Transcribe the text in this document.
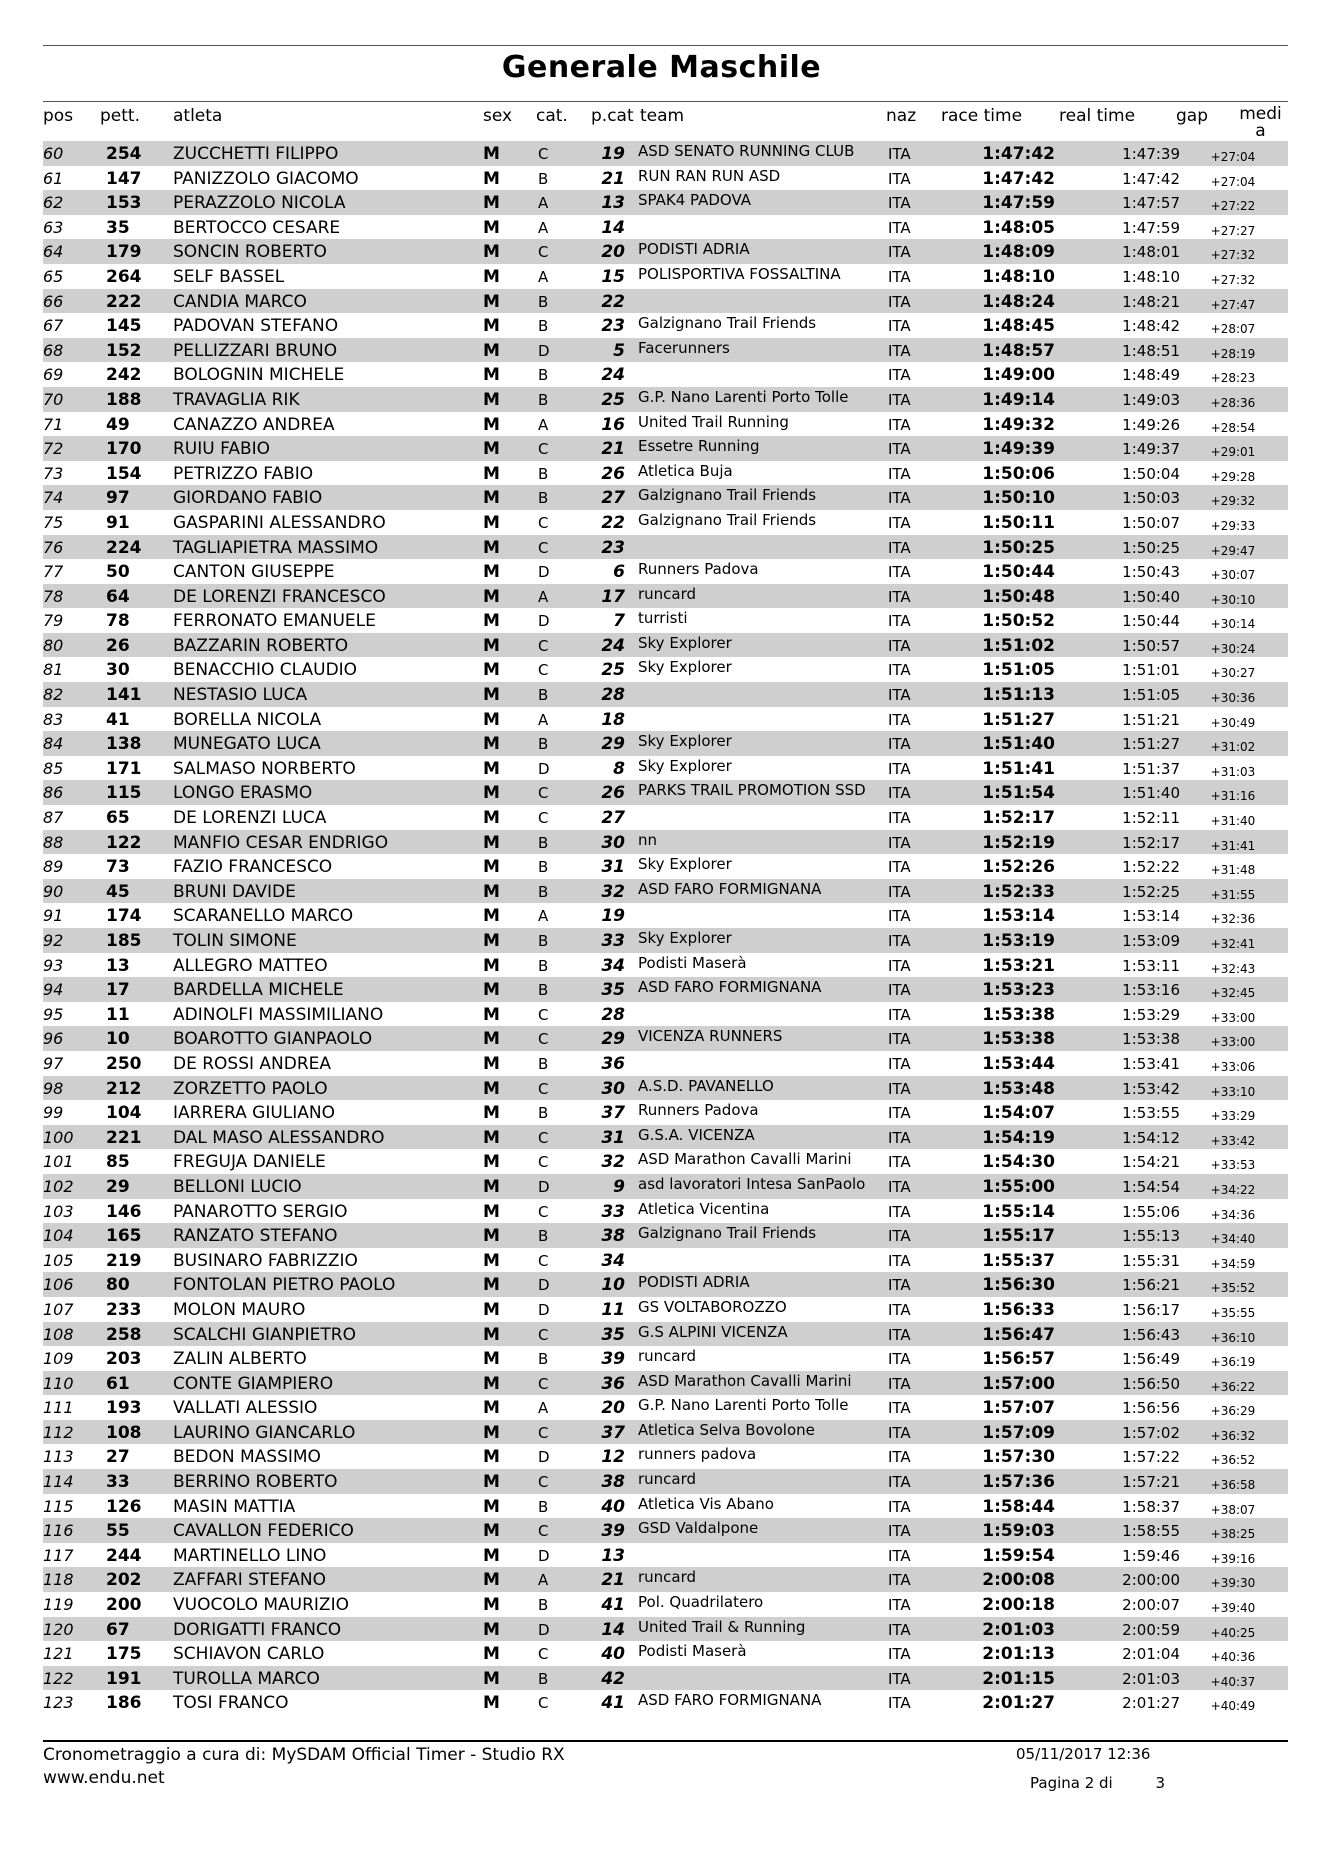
Generale Maschile
pos pett. atleta	sex cat. p.cat team	naz race time real time gap medi a
60	254 ZUCCHETTI FILIPPO	M	C	19 ASD SENATO RUNNING CLUB ITA	1:47:42	1:47:39	+27:04
61	147 PANIZZOLO GIACOMO	M	B	21 RUN RAN RUN ASD	ITA	1:47:42	1:47:42	+27:04
62	153 PERAZZOLO NICOLA	M	A	13 SPAK4 PADOVA	ITA	1:47:59	1:47:57	+27:22
63	35	BERTOCCO CESARE	M	A	14	ITA	1:48:05	1:47:59	+27:27
64	179 SONCIN ROBERTO	M	C	20 PODISTI ADRIA	ITA	1:48:09	1:48:01	+27:32
65	264 SELF BASSEL	M	A	15 POLISPORTIVA FOSSALTINA	ITA	1:48:10	1:48:10	+27:32
66	222 CANDIA MARCO	M	B	22	ITA	1:48:24	1:48:21	+27:47
67	145 PADOVAN STEFANO	M	B	23 Galzignano Trail Friends	ITA	1:48:45	1:48:42	+28:07
68	152 PELLIZZARI BRUNO	M	D	5 Facerunners	ITA	1:48:57	1:48:51	+28:19
69	242 BOLOGNIN MICHELE	M	B	24	ITA	1:49:00	1:48:49	+28:23
70	188 TRAVAGLIA RIK	M	B	25 G.P. Nano Larenti Porto Tolle	ITA	1:49:14	1:49:03	+28:36
71	49	CANAZZO ANDREA	M	A	16 United Trail Running	ITA	1:49:32	1:49:26	+28:54
72	170 RUIU FABIO	M	C	21 Essetre Running	ITA	1:49:39	1:49:37	+29:01
73	154 PETRIZZO FABIO	M	B	26 Atletica Buja	ITA	1:50:06	1:50:04	+29:28
74	97	GIORDANO FABIO	M	B	27 Galzignano Trail Friends	ITA	1:50:10	1:50:03	+29:32
75	91	GASPARINI ALESSANDRO	M	C	22 Galzignano Trail Friends	ITA	1:50:11	1:50:07	+29:33
76	224 TAGLIAPIETRA MASSIMO	M	C	23	ITA	1:50:25	1:50:25	+29:47
77	50	CANTON GIUSEPPE	M	D	6 Runners Padova	ITA	1:50:44	1:50:43	+30:07
78	64	DE LORENZI FRANCESCO	M	A	17 runcard	ITA	1:50:48	1:50:40	+30:10
79	78	FERRONATO EMANUELE	M	D	7 turristi	ITA	1:50:52	1:50:44	+30:14
80	26	BAZZARIN ROBERTO	M	C	24 Sky Explorer	ITA	1:51:02	1:50:57	+30:24
81	30	BENACCHIO CLAUDIO	M	C	25 Sky Explorer	ITA	1:51:05	1:51:01	+30:27
82	141 NESTASIO LUCA	M	B	28	ITA	1:51:13	1:51:05	+30:36
83	41	BORELLA NICOLA	M	A	18	ITA	1:51:27	1:51:21	+30:49
84	138 MUNEGATO LUCA	M	B	29 Sky Explorer	ITA	1:51:40	1:51:27	+31:02
85	171 SALMASO NORBERTO	M	D	8 Sky Explorer	ITA	1:51:41	1:51:37	+31:03
86	115 LONGO ERASMO	M	C	26 PARKS TRAIL PROMOTION SSD ITA	1:51:54	1:51:40	+31:16
87	65	DE LORENZI LUCA	M	C	27	ITA	1:52:17	1:52:11	+31:40
88	122 MANFIO CESAR ENDRIGO	M	B	30 nn	ITA	1:52:19	1:52:17	+31:41
89	73	FAZIO FRANCESCO	M	B	31 Sky Explorer	ITA	1:52:26	1:52:22	+31:48
90	45	BRUNI DAVIDE	M	B	32 ASD FARO FORMIGNANA	ITA	1:52:33	1:52:25	+31:55
91	174 SCARANELLO MARCO	M	A	19	ITA	1:53:14	1:53:14	+32:36
92	185 TOLIN SIMONE	M	B	33 Sky Explorer	ITA	1:53:19	1:53:09	+32:41
93	13	ALLEGRO MATTEO	M	B	34 Podisti Maserà	ITA	1:53:21	1:53:11	+32:43
94	17	BARDELLA MICHELE	M	B	35 ASD FARO FORMIGNANA	ITA	1:53:23	1:53:16	+32:45
95	11	ADINOLFI MASSIMILIANO	M	C	28	ITA	1:53:38	1:53:29	+33:00
96	10	BOAROTTO GIANPAOLO	M	C	29 VICENZA RUNNERS	ITA	1:53:38	1:53:38	+33:00
97	250 DE ROSSI ANDREA	M	B	36	ITA	1:53:44	1:53:41	+33:06
98	212 ZORZETTO PAOLO	M	C	30 A.S.D. PAVANELLO	ITA	1:53:48	1:53:42	+33:10
99	104 IARRERA GIULIANO	M	B	37 Runners Padova	ITA	1:54:07	1:53:55	+33:29
100 221 DAL MASO ALESSANDRO	M	C	31 G.S.A. VICENZA	ITA	1:54:19	1:54:12	+33:42
101 85	FREGUJA DANIELE	M	C	32 ASD Marathon Cavalli Marini ITA	1:54:30	1:54:21	+33:53
102 29	BELLONI LUCIO	M	D	9 asd lavoratori Intesa SanPaolo ITA	1:55:00	1:54:54	+34:22
103 146 PANAROTTO SERGIO	M	C	33 Atletica Vicentina	ITA	1:55:14	1:55:06	+34:36
104 165 RANZATO STEFANO	M	B	38 Galzignano Trail Friends	ITA	1:55:17	1:55:13	+34:40
105 219 BUSINARO FABRIZZIO	M	C	34	ITA	1:55:37	1:55:31	+34:59
106 80	FONTOLAN PIETRO PAOLO	M	D	10 PODISTI ADRIA	ITA	1:56:30	1:56:21	+35:52
107 233 MOLON MAURO	M	D	11 GS VOLTABOROZZO	ITA	1:56:33	1:56:17	+35:55
108 258 SCALCHI GIANPIETRO	M	C	35 G.S ALPINI VICENZA	ITA	1:56:47	1:56:43	+36:10
109 203 ZALIN ALBERTO	M	B	39 runcard	ITA	1:56:57	1:56:49	+36:19
110 61	CONTE GIAMPIERO	M	C	36 ASD Marathon Cavalli Marini ITA	1:57:00	1:56:50	+36:22
111 193 VALLATI ALESSIO	M	A	20 G.P. Nano Larenti Porto Tolle	ITA	1:57:07	1:56:56	+36:29
112 108 LAURINO GIANCARLO	M	C	37 Atletica Selva Bovolone	ITA	1:57:09	1:57:02	+36:32
113 27	BEDON MASSIMO	M	D	12 runners padova	ITA	1:57:30	1:57:22	+36:52
114 33	BERRINO ROBERTO	M	C	38 runcard	ITA	1:57:36	1:57:21	+36:58
115 126 MASIN MATTIA	M	B	40 Atletica Vis Abano	ITA	1:58:44	1:58:37	+38:07
116 55	CAVALLON FEDERICO	M	C	39 GSD Valdalpone	ITA	1:59:03	1:58:55	+38:25
117 244 MARTINELLO LINO	M	D	13	ITA	1:59:54	1:59:46	+39:16
118 202 ZAFFARI STEFANO	M	A	21 runcard	ITA	2:00:08	2:00:00	+39:30
119 200 VUOCOLO MAURIZIO	M	B	41 Pol. Quadrilatero	ITA	2:00:18	2:00:07	+39:40
120 67	DORIGATTI FRANCO	M	D	14 United Trail & Running	ITA	2:01:03	2:00:59	+40:25
121 175 SCHIAVON CARLO	M	C	40 Podisti Maserà	ITA	2:01:13	2:01:04	+40:36
122 191 TUROLLA MARCO	M	B	42	ITA	2:01:15	2:01:03	+40:37
123 186 TOSI FRANCO	M	C	41 ASD FARO FORMIGNANA	ITA	2:01:27	2:01:27	+40:49
Cronometraggio a cura di: MySDAM Official Timer - Studio RX
www.endu.net
05/11/2017 12:36
Pagina 2 di	3
